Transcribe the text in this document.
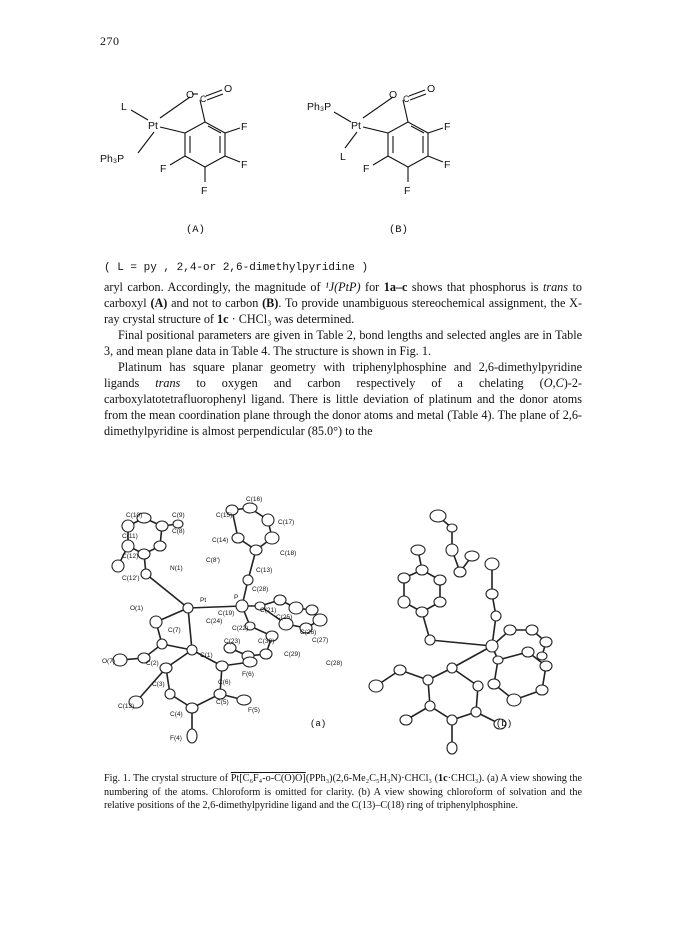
270
L
Pt
O C
O
Ph₃P
F
F
F
F
(A)
Ph₃P
Pt
O C
O
L
F
F
F
F
(B)
( L = py , 2,4-or 2,6-dimethylpyridine )

aryl carbon. Accordingly, the magnitude of ¹J(PtP) for 1a–c shows that phosphorus is trans to carboxyl (A) and not to carbon (B). To provide unambiguous stereochemical assignment, the X-ray crystal structure of 1c · CHCl₃ was determined.

Final positional parameters are given in Table 2, bond lengths and selected angles are in Table 3, and mean plane data in Table 4. The structure is shown in Fig. 1.

Platinum has square planar geometry with triphenylphosphine and 2,6-dimethylpyridine ligands trans to oxygen and carbon respectively of a chelating (O,C)-2-carboxylatotetrafluorophenyl ligand. There is little deviation of platinum and the donor atoms from the mean coordination plane through the donor atoms and metal (Table 4). The plane of 2,6-dimethylpyridine is almost perpendicular (85.0°) to the

C(16)
C(10)	C(9)	C(15)
C(17)
C(11)
C(8)
C(14)
C(12)
C(8')
C(18)
N(1)	C(13)
C(12')
C(28)
O(1)
Pt	P
C(19)	C(21)
C(24)
C(25)
C(7)	C(22)
C(26)
O(7)
C(23)	C(30)	C(27)
C(2)
C(1)	C(29)
F(6)
C(28)
C(3)	C(6)
C(13)
C(5)
C(4)
F(5)
F(4)
(a)	(b)
Fig. 1. The crystal structure of Pt[C₆F₄-o-C(O)O](PPh₃)(2,6-Me₂C₅H₃N)·CHCl₃ (1c·CHCl₃). (a) A view showing the numbering of the atoms. Chloroform is omitted for clarity. (b) A view showing chloroform of solvation and the relative positions of the 2,6-dimethylpyridine ligand and the C(13)–C(18) ring of triphenylphosphine.
